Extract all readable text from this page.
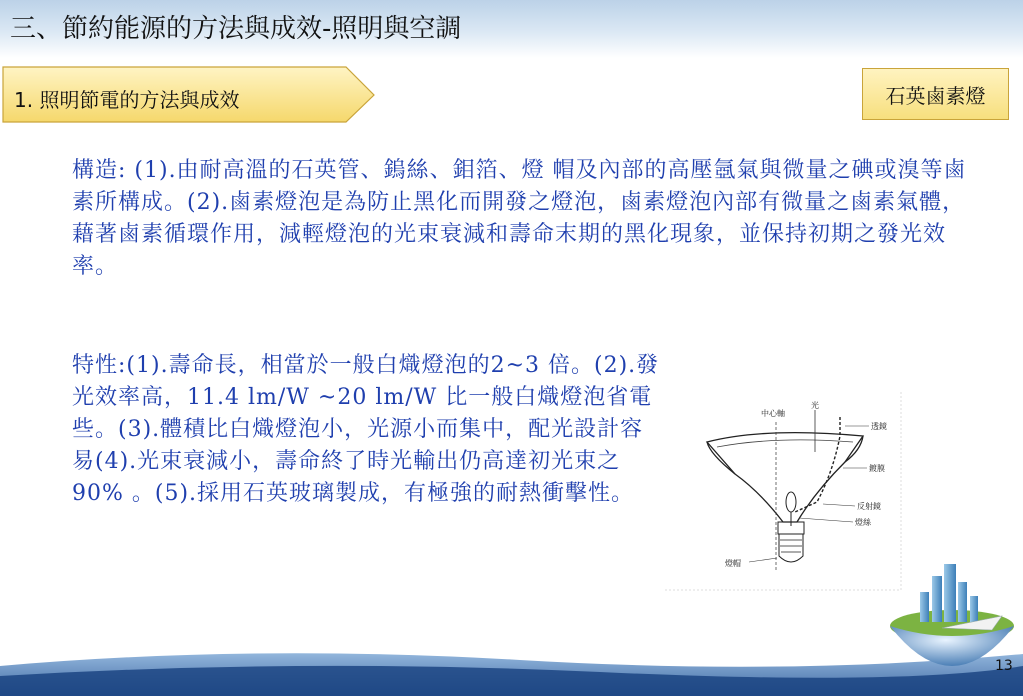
三、節約能源的方法與成效-照明與空調
1. 照明節電的方法與成效	石英鹵素燈
構造: (1).由耐高溫的石英管、鎢絲、鉬箔、燈 帽及內部的高壓氬氣與微量之碘或溴等鹵素所構成。(2).鹵素燈泡是為防止黑化而開發之燈泡，鹵素燈泡內部有微量之鹵素氣體，藉著鹵素循環作用，減輕燈泡的光束衰減和壽命末期的黑化現象，並保持初期之發光效率。
特性:(1).壽命長，相當於一般白熾燈泡的2~3 倍。(2).發光效率高，11.4 lm/W ~20 lm/W 比一般白熾燈泡省電些。(3).體積比白熾燈泡小，光源小而集中，配光設計容易(4).光束衰減小，壽命終了時光輸出仍高達初光束之 90% 。(5).採用石英玻璃製成，有極強的耐熱衝擊性。
中心軸
光
透鏡
鍍膜
反射鏡
燈絲
燈帽
13
